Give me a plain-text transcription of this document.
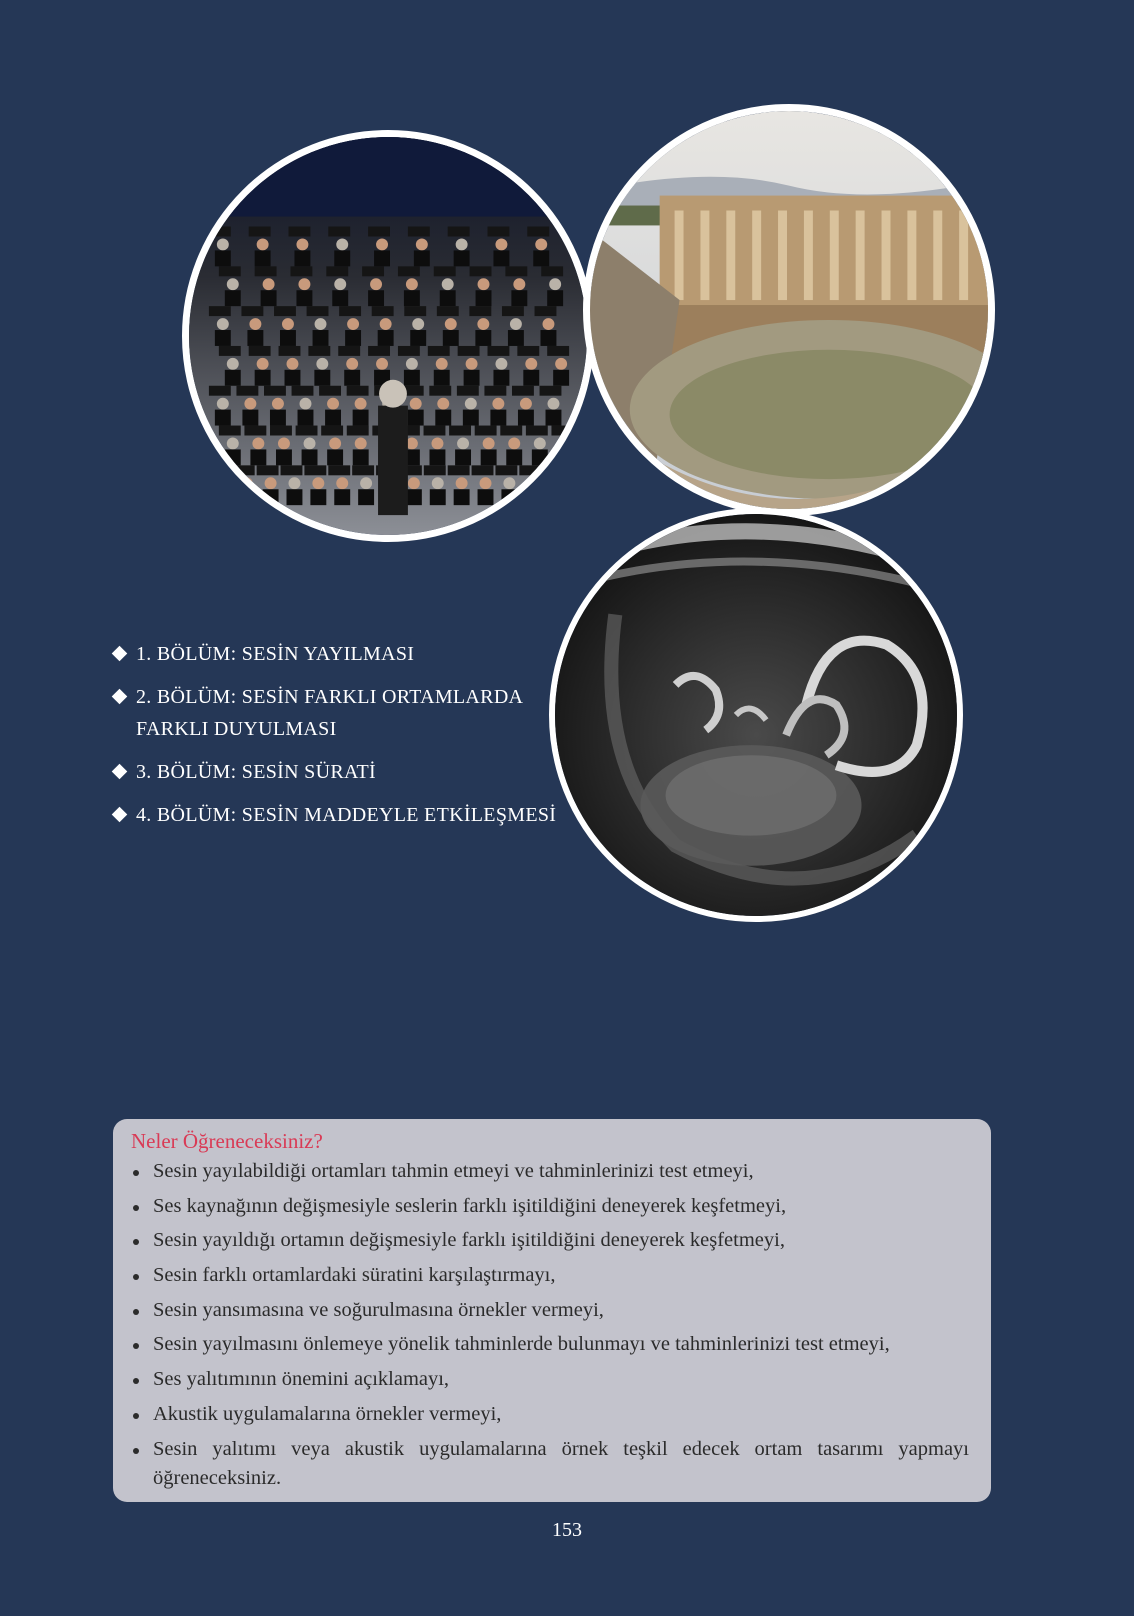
1. BÖLÜM: SESİN YAYILMASI
2. BÖLÜM: SESİN FARKLI ORTAMLARDA FARKLI DUYULMASI
3. BÖLÜM: SESİN SÜRATİ
4. BÖLÜM: SESİN MADDEYLE ETKİLEŞMESİ
Neler Öğreneceksiniz?
Sesin yayılabildiği ortamları tahmin etmeyi ve tahminlerinizi test etmeyi,
Ses kaynağının değişmesiyle seslerin farklı işitildiğini deneyerek keşfetmeyi,
Sesin yayıldığı ortamın değişmesiyle farklı işitildiğini deneyerek keşfetmeyi,
Sesin farklı ortamlardaki süratini karşılaştırmayı,
Sesin yansımasına ve soğurulmasına örnekler vermeyi,
Sesin yayılmasını önlemeye yönelik tahminlerde bulunmayı ve tahminlerinizi test etmeyi,
Ses yalıtımının önemini açıklamayı,
Akustik uygulamalarına örnekler vermeyi,
Sesin yalıtımı veya akustik uygulamalarına örnek teşkil edecek ortam tasarımı yapmayı öğreneceksiniz.
153
